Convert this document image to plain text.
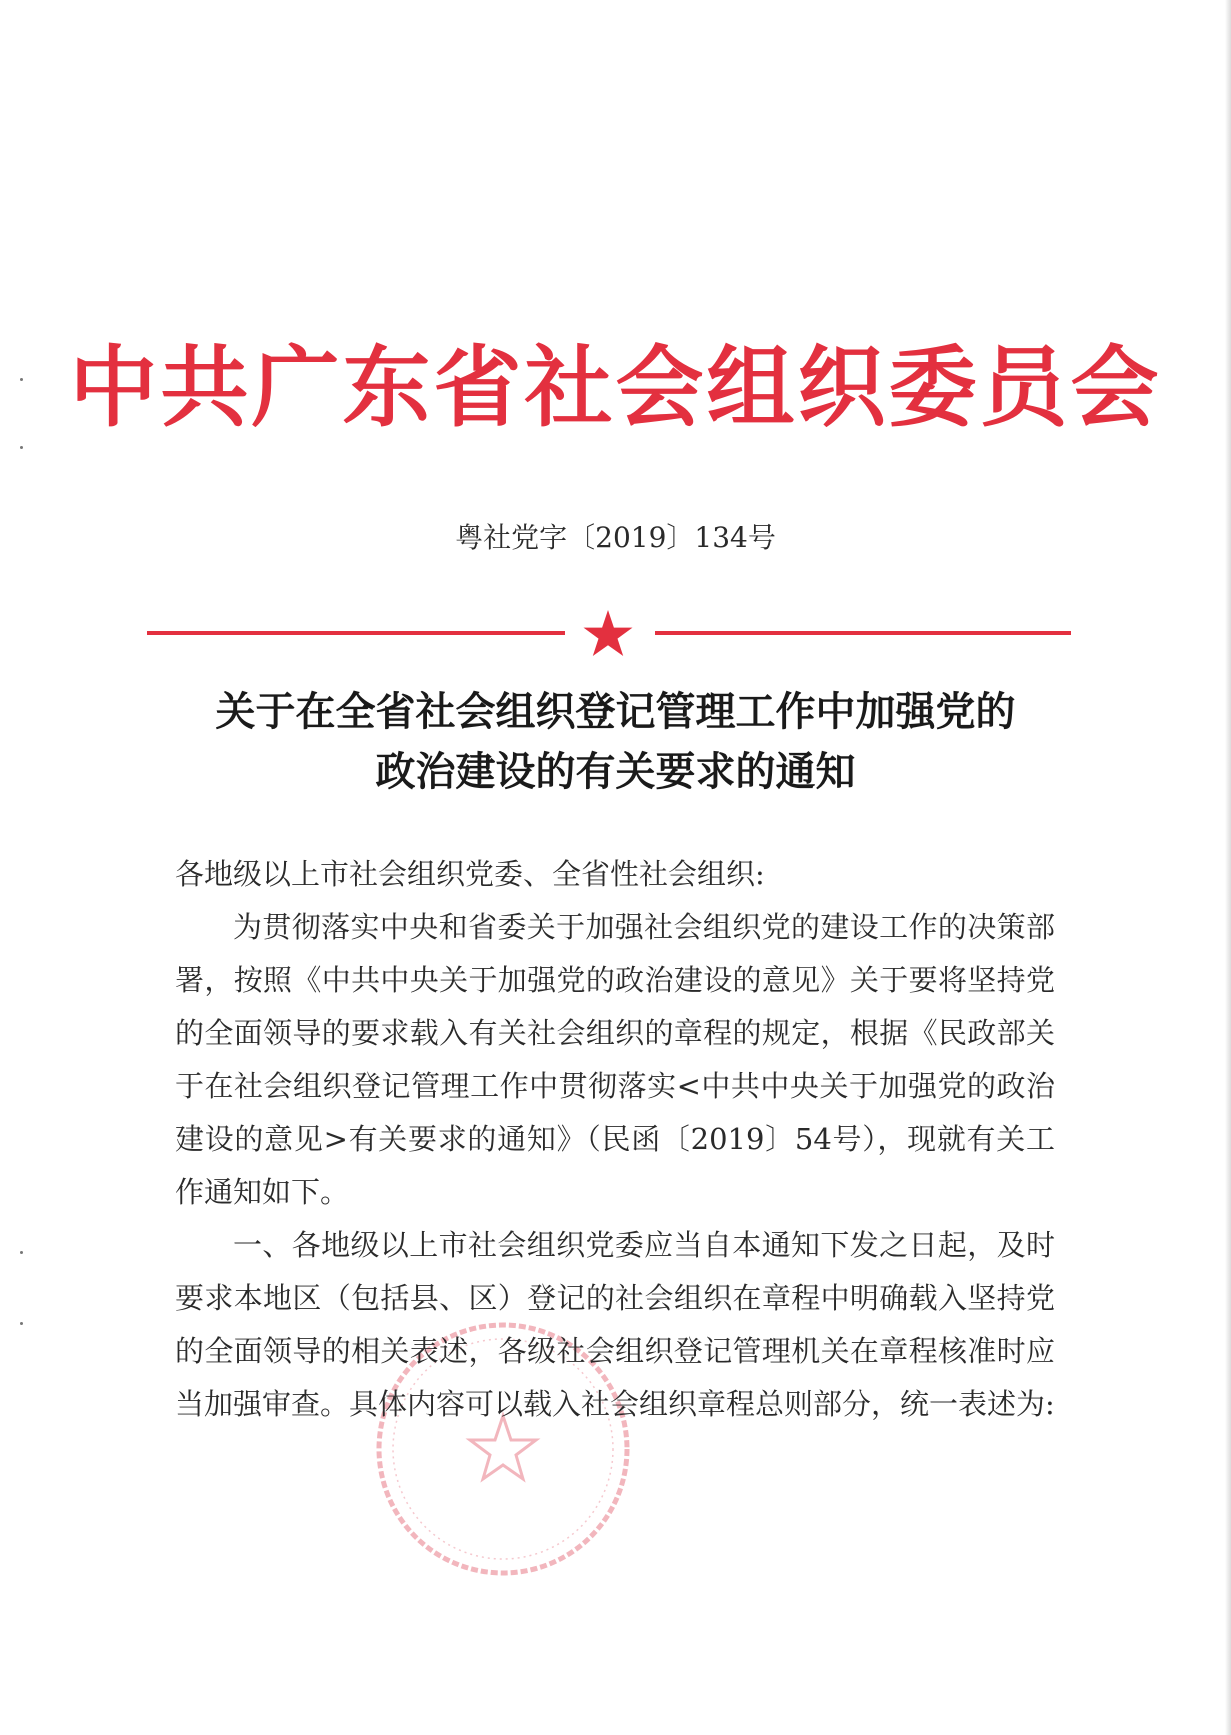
中共广东省社会组织委员会
粤社党字〔2019〕134号
关于在全省社会组织登记管理工作中加强党的
政治建设的有关要求的通知

各地级以上市社会组织党委、全省性社会组织:

为贯彻落实中央和省委关于加强社会组织党的建设工作的决策部署，按照《中共中央关于加强党的政治建设的意见》关于要将坚持党的全面领导的要求载入有关社会组织的章程的规定，根据《民政部关于在社会组织登记管理工作中贯彻落实<中共中央关于加强党的政治建设的意见>有关要求的通知》（民函〔2019〕54号），现就有关工作通知如下。

一、各地级以上市社会组织党委应当自本通知下发之日起，及时要求本地区（包括县、区）登记的社会组织在章程中明确载入坚持党的全面领导的相关表述，各级社会组织登记管理机关在章程核准时应当加强审查。具体内容可以载入社会组织章程总则部分，统一表述为:
